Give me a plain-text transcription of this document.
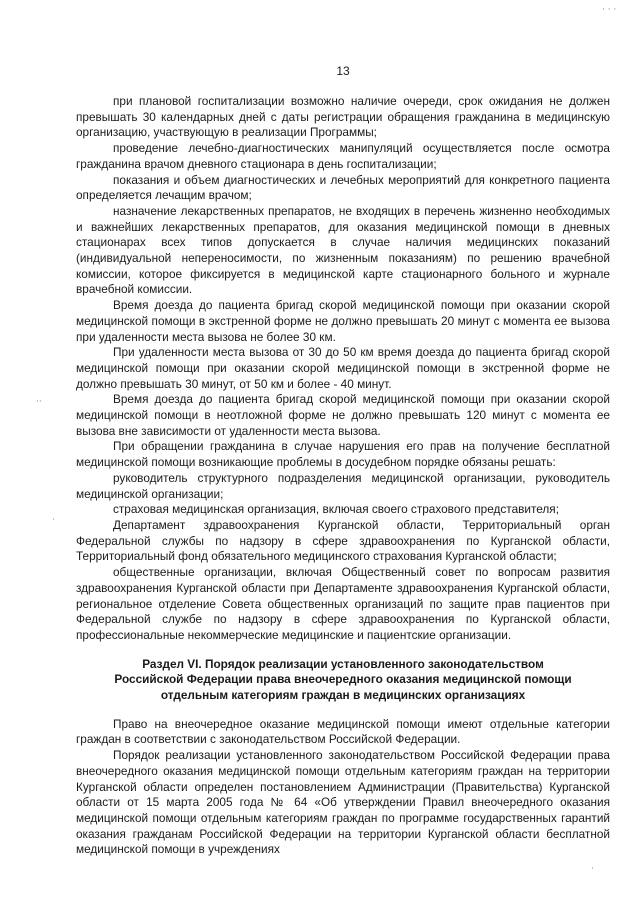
13

при плановой госпитализации возможно наличие очереди, срок ожидания не должен превышать 30 календарных дней с даты регистрации обращения гражданина в медицинскую организацию, участвующую в реализации Программы;

проведение лечебно-диагностических манипуляций осуществляется после осмотра гражданина врачом дневного стационара в день госпитализации;

показания и объем диагностических и лечебных мероприятий для конкретного пациента определяется лечащим врачом;

назначение лекарственных препаратов, не входящих в перечень жизненно необходимых и важнейших лекарственных препаратов, для оказания медицинской помощи в дневных стационарах всех типов допускается в случае наличия медицинских показаний (индивидуальной непереносимости, по жизненным показаниям) по решению врачебной комиссии, которое фиксируется в медицинской карте стационарного больного и журнале врачебной комиссии.

Время доезда до пациента бригад скорой медицинской помощи при оказании скорой медицинской помощи в экстренной форме не должно превышать 20 минут с момента ее вызова при удаленности места вызова не более 30 км.

При удаленности места вызова от 30 до 50 км время доезда до пациента бригад скорой медицинской помощи при оказании скорой медицинской помощи в экстренной форме не должно превышать 30 минут, от 50 км и более - 40 минут.

Время доезда до пациента бригад скорой медицинской помощи при оказании скорой медицинской помощи в неотложной форме не должно превышать 120 минут с момента ее вызова вне зависимости от удаленности места вызова.

При обращении гражданина в случае нарушения его прав на получение бесплатной медицинской помощи возникающие проблемы в досудебном порядке обязаны решать:

руководитель структурного подразделения медицинской организации, руководитель медицинской организации;

страховая медицинская организация, включая своего страхового представителя;

Департамент здравоохранения Курганской области, Территориальный орган Федеральной службы по надзору в сфере здравоохранения по Курганской области, Территориальный фонд обязательного медицинского страхования Курганской области;

общественные организации, включая Общественный совет по вопросам развития здравоохранения Курганской области при Департаменте здравоохранения Курганской области, региональное отделение Совета общественных организаций по защите прав пациентов при Федеральной службе по надзору в сфере здравоохранения по Курганской области, профессиональные некоммерческие медицинские и пациентские организации.

Раздел VI. Порядок реализации установленного законодательством
Российской Федерации права внеочередного оказания медицинской помощи
отдельным категориям граждан в медицинских организациях

Право на внеочередное оказание медицинской помощи имеют отдельные категории граждан в соответствии с законодательством Российской Федерации.

Порядок реализации установленного законодательством Российской Федерации права внеочередного оказания медицинской помощи отдельным категориям граждан на территории Курганской области определен постановлением Администрации (Правительства) Курганской области от 15 марта 2005 года № 64 «Об утверждении Правил внеочередного оказания медицинской помощи отдельным категориям граждан по программе государственных гарантий оказания гражданам Российской Федерации на территории Курганской области бесплатной медицинской помощи в учреждениях

· · ·
··
·
·
